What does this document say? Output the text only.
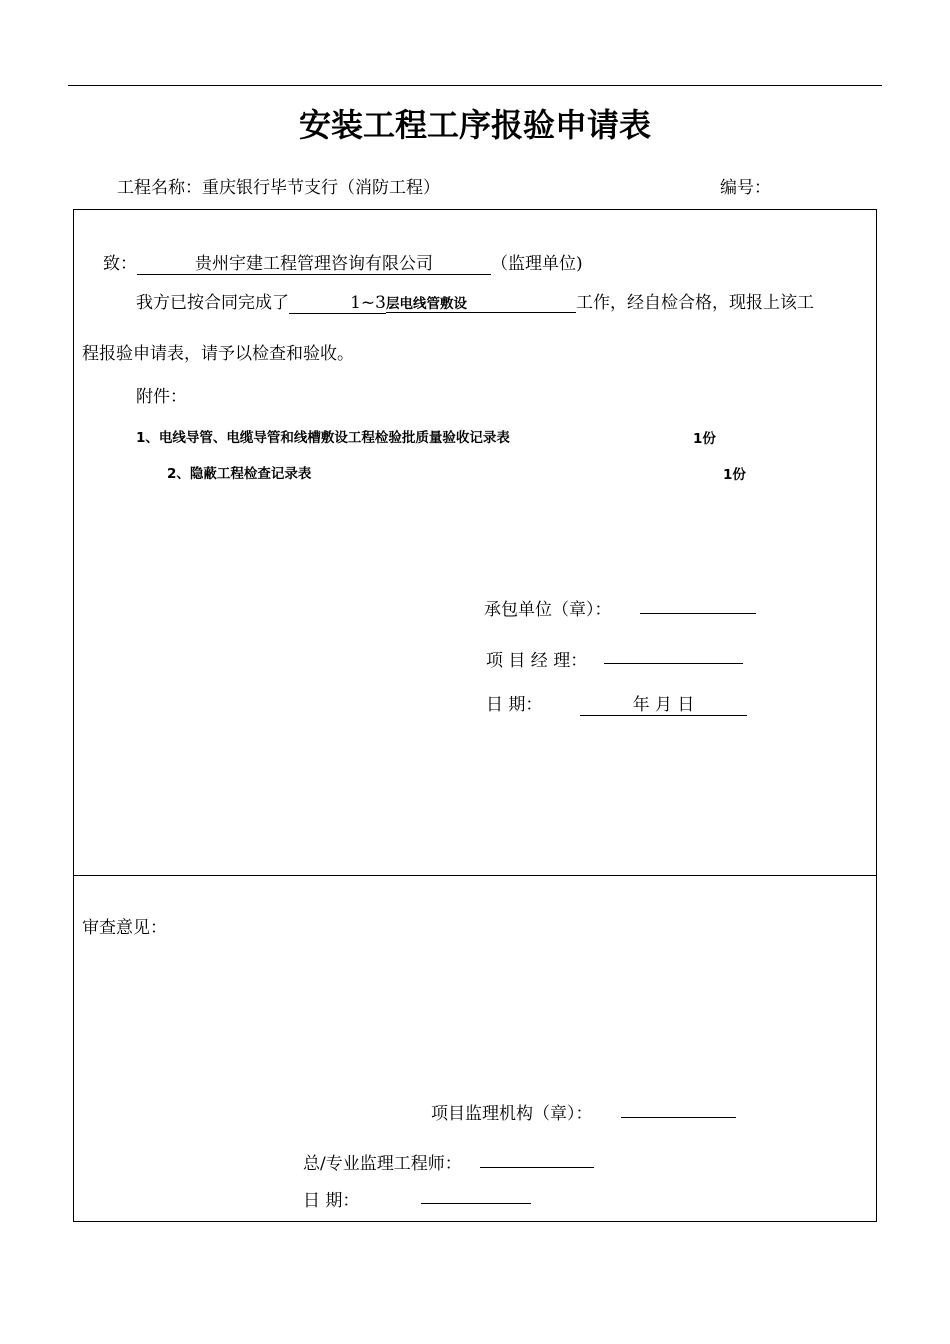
安装工程工序报验申请表
工程名称：重庆银行毕节支行（消防工程）	编号：
致：	贵州宇建工程管理咨询有限公司	（监理单位)
我方已按合同完成了	1~3层电线管敷设	工作，经自检合格，现报上该工
程报验申请表，请予以检查和验收。
附件：
1、电线导管、电缆导管和线槽敷设工程检验批质量验收记录表	1份
2、隐蔽工程检查记录表	1份
承包单位（章）：
项 目 经 理：
日 期：	年 月 日
审查意见：
项目监理机构（章）：
总/专业监理工程师：
日 期：
